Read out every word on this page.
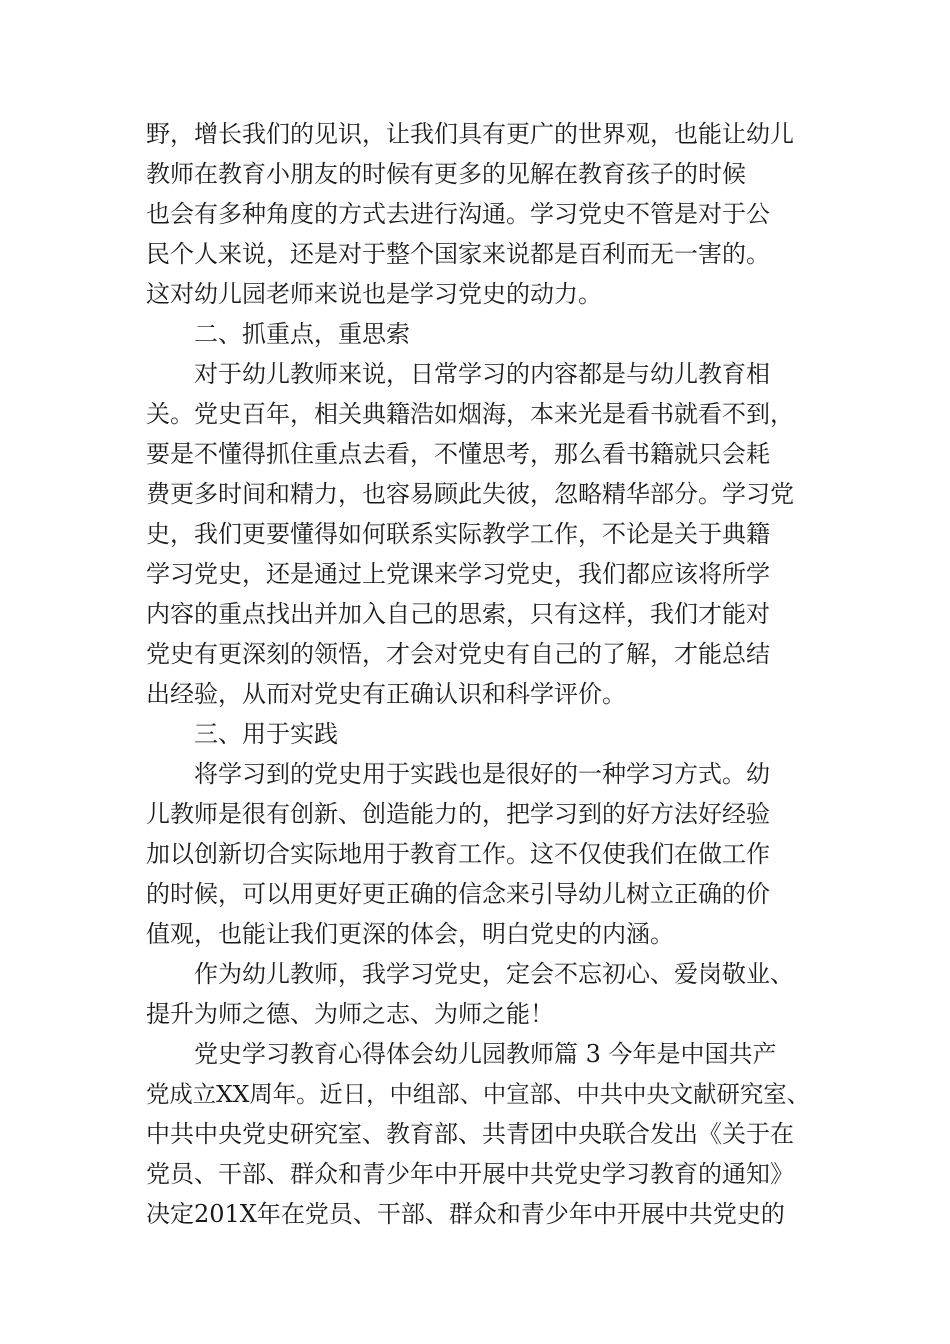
野，增长我们的见识，让我们具有更广的世界观，也能让幼儿
教师在教育小朋友的时候有更多的见解在教育孩子的时候
也会有多种角度的方式去进行沟通。学习党史不管是对于公
民个人来说，还是对于整个国家来说都是百利而无一害的。
这对幼儿园老师来说也是学习党史的动力。

二、抓重点，重思索

对于幼儿教师来说，日常学习的内容都是与幼儿教育相
关。党史百年，相关典籍浩如烟海，本来光是看书就看不到，
要是不懂得抓住重点去看，不懂思考，那么看书籍就只会耗
费更多时间和精力，也容易顾此失彼，忽略精华部分。学习党
史，我们更要懂得如何联系实际教学工作，不论是关于典籍
学习党史，还是通过上党课来学习党史，我们都应该将所学
内容的重点找出并加入自己的思索，只有这样，我们才能对
党史有更深刻的领悟，才会对党史有自己的了解，才能总结
出经验，从而对党史有正确认识和科学评价。

三、用于实践

将学习到的党史用于实践也是很好的一种学习方式。幼
儿教师是很有创新、创造能力的，把学习到的好方法好经验
加以创新切合实际地用于教育工作。这不仅使我们在做工作
的时候，可以用更好更正确的信念来引导幼儿树立正确的价
值观，也能让我们更深的体会，明白党史的内涵。

作为幼儿教师，我学习党史，定会不忘初心、爱岗敬业、
提升为师之德、为师之志、为师之能！

党史学习教育心得体会幼儿园教师篇 3 今年是中国共产
党成立XX周年。近日，中组部、中宣部、中共中央文献研究室、
中共中央党史研究室、教育部、共青团中央联合发出《关于在
党员、干部、群众和青少年中开展中共党史学习教育的通知》
决定201X年在党员、干部、群众和青少年中开展中共党史的
